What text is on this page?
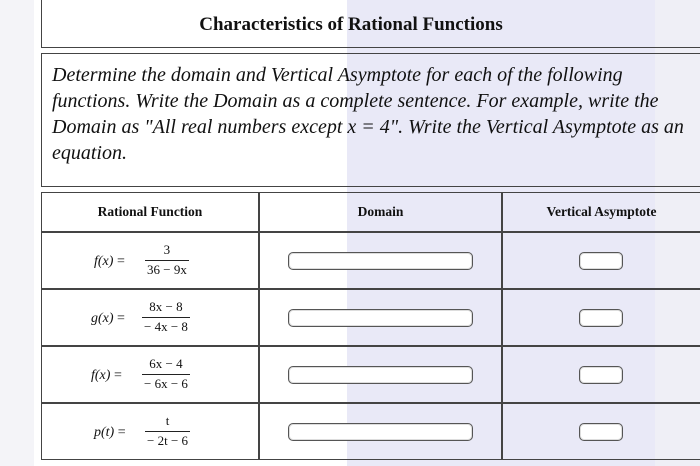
Characteristics of Rational Functions
Determine the domain and Vertical Asymptote for each of the following functions. Write the Domain as a complete sentence. For example, write the Domain as "All real numbers except x = 4". Write the Vertical Asymptote as an equation.
Rational Function	Domain	Vertical Asymptote
f(x) =
3
36 − 9x
g(x) =
8x − 8
− 4x − 8
f(x) =
6x − 4
− 6x − 6
p(t) =
t
− 2t − 6
